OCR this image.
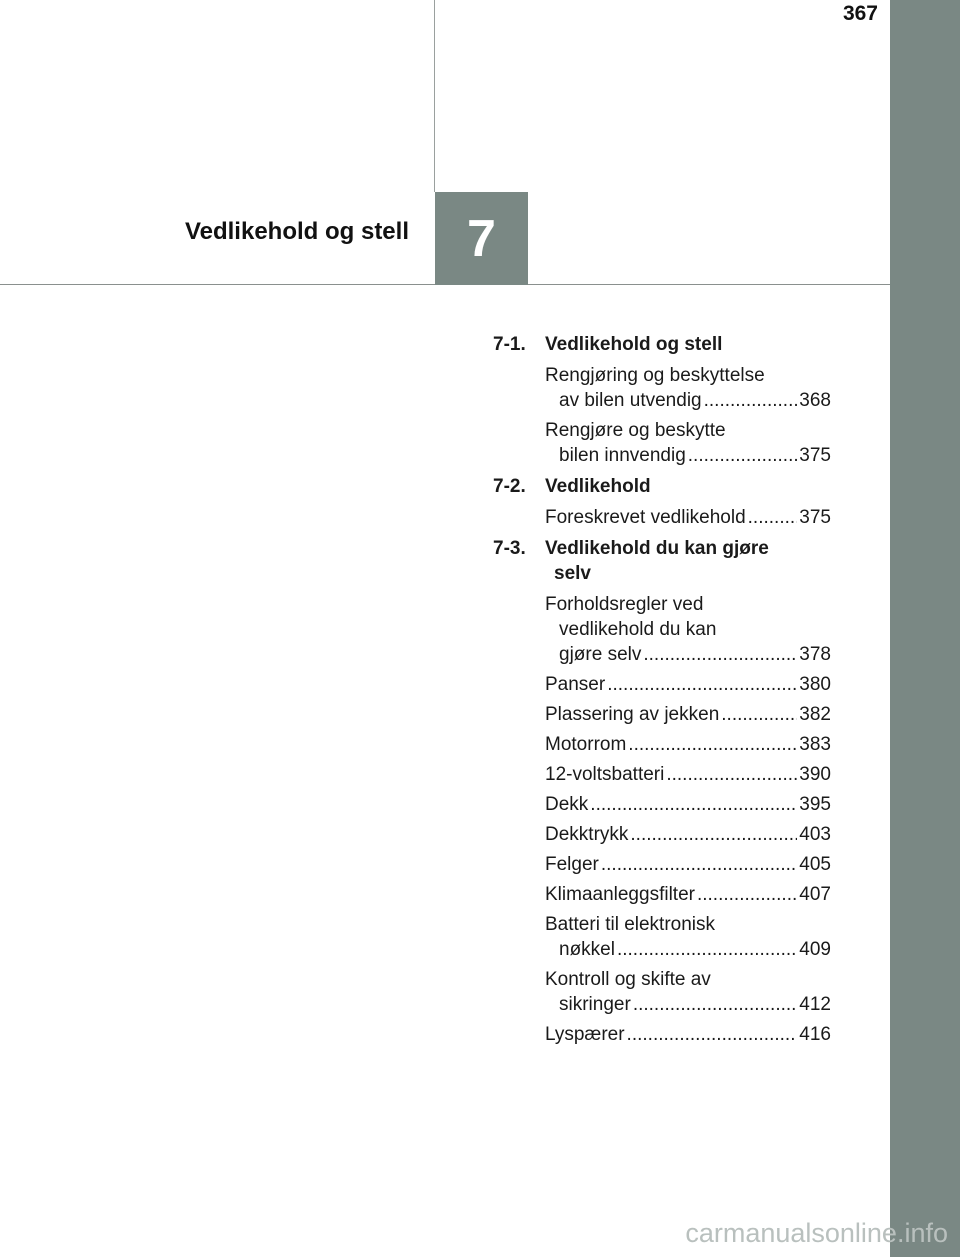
367
Vedlikehold og stell 7
7-1.	Vedlikehold og stell
Rengjøring og beskyttelse
av bilen utvendig .....	368
Rengjøre og beskytte
bilen innvendig .....	375
7-2.	Vedlikehold
Foreskrevet vedlikehold .....	375
7-3.	Vedlikehold du kan gjøre
selv
Forholdsregler ved
vedlikehold du kan
gjøre selv .....	378
Panser .....	380
Plassering av jekken .....	382
Motorrom .....	383
12-voltsbatteri .....	390
Dekk .....	395
Dekktrykk .....	403
Felger .....	405
Klimaanleggsfilter .....	407
Batteri til elektronisk
nøkkel .....	409
Kontroll og skifte av
sikringer .....	412
Lyspærer .....	416
carmanualsonline.info
